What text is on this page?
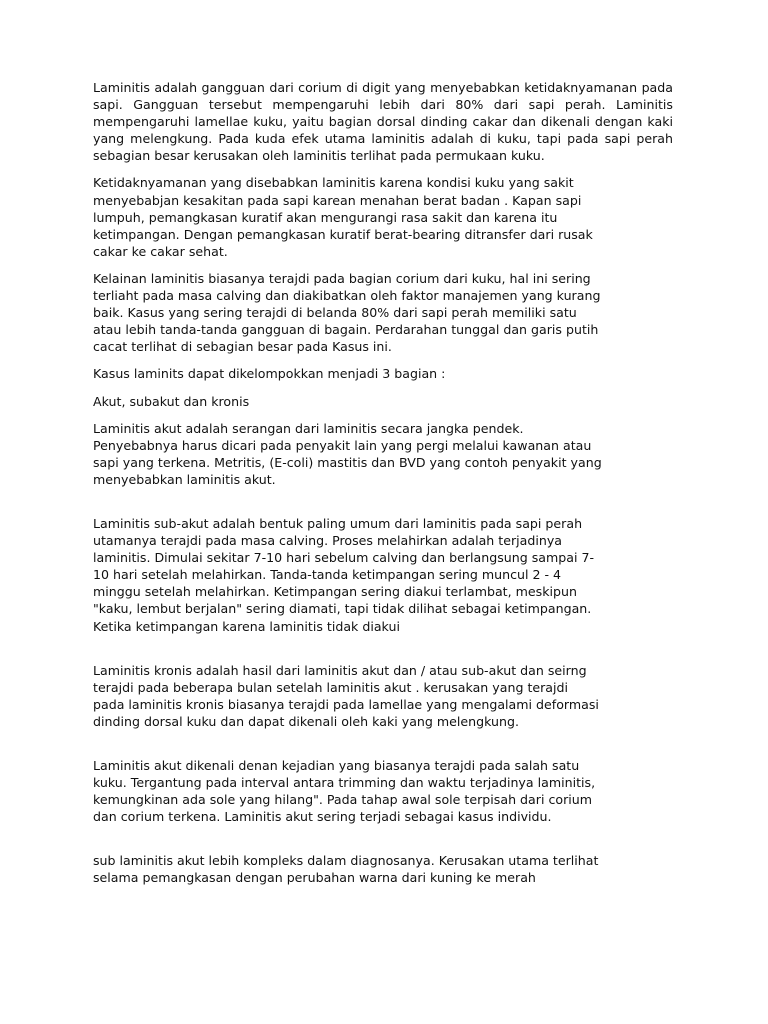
Laminitis adalah gangguan dari corium di digit yang menyebabkan ketidaknyamanan pada sapi. Gangguan tersebut mempengaruhi lebih dari 80% dari sapi perah. Laminitis mempengaruhi lamellae kuku, yaitu bagian dorsal dinding cakar dan dikenali dengan kaki yang melengkung. Pada kuda efek utama laminitis adalah di kuku, tapi pada sapi perah sebagian besar kerusakan oleh laminitis terlihat pada permukaan kuku.

Ketidaknyamanan yang disebabkan laminitis karena kondisi kuku yang sakit
menyebabjan kesakitan pada sapi karean menahan berat badan . Kapan sapi
lumpuh, pemangkasan kuratif akan mengurangi rasa sakit dan karena itu
ketimpangan. Dengan pemangkasan kuratif berat-bearing ditransfer dari rusak
cakar ke cakar sehat.

Kelainan laminitis biasanya terajdi pada bagian corium dari kuku, hal ini sering
terliaht pada masa calving dan diakibatkan oleh faktor manajemen yang kurang
baik. Kasus yang sering terajdi di belanda 80% dari sapi perah memiliki satu
atau lebih tanda-tanda gangguan di bagain. Perdarahan tunggal dan garis putih
cacat terlihat di sebagian besar pada Kasus ini.

Kasus laminits dapat dikelompokkan menjadi 3 bagian :

Akut, subakut dan kronis

Laminitis akut adalah serangan dari laminitis secara jangka pendek.
Penyebabnya harus dicari pada penyakit lain yang pergi melalui kawanan atau
sapi yang terkena. Metritis, (E-coli) mastitis dan BVD yang contoh penyakit yang
menyebabkan laminitis akut.

Laminitis sub-akut adalah bentuk paling umum dari laminitis pada sapi perah
utamanya terajdi pada masa calving. Proses melahirkan adalah terjadinya
laminitis. Dimulai sekitar 7-10 hari sebelum calving dan berlangsung sampai 7-
10 hari setelah melahirkan. Tanda-tanda ketimpangan sering muncul 2 - 4
minggu setelah melahirkan. Ketimpangan sering diakui terlambat, meskipun
"kaku, lembut berjalan" sering diamati, tapi tidak dilihat sebagai ketimpangan.
Ketika ketimpangan karena laminitis tidak diakui

Laminitis kronis adalah hasil dari laminitis akut dan / atau sub-akut dan seirng
terajdi pada beberapa bulan setelah laminitis akut . kerusakan yang terajdi
pada laminitis kronis biasanya terajdi pada lamellae yang mengalami deformasi
dinding dorsal kuku dan dapat dikenali oleh kaki yang melengkung.

Laminitis akut dikenali denan kejadian yang biasanya terajdi pada salah satu
kuku. Tergantung pada interval antara trimming dan waktu terjadinya laminitis,
kemungkinan ada sole yang hilang". Pada tahap awal sole terpisah dari corium
dan corium terkena. Laminitis akut sering terjadi sebagai kasus individu.

sub laminitis akut lebih kompleks dalam diagnosanya. Kerusakan utama terlihat
selama pemangkasan dengan perubahan warna dari kuning ke merah
